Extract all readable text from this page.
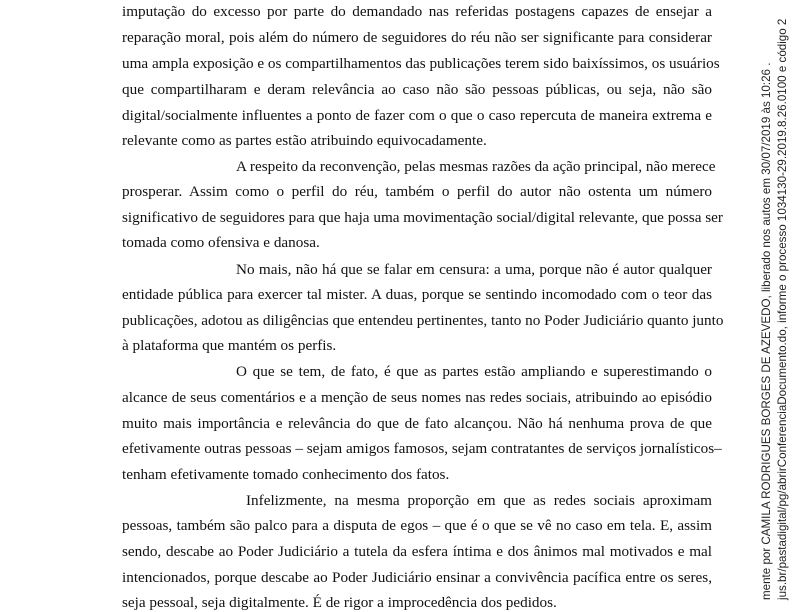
imputação do excesso por parte do demandado nas referidas postagens capazes de ensejar a
reparação moral, pois além do número de seguidores do réu não ser significante para considerar
uma ampla exposição e os compartilhamentos das publicações terem sido baixíssimos, os usuários
que compartilharam e deram relevância ao caso não são pessoas públicas, ou seja, não são
digital/socialmente influentes a ponto de fazer com o que o caso repercuta de maneira extrema e
relevante como as partes estão atribuindo equivocadamente.
A respeito da reconvenção, pelas mesmas razões da ação principal, não merece
prosperar. Assim como o perfil do réu, também o perfil do autor não ostenta um número
significativo de seguidores para que haja uma movimentação social/digital relevante, que possa ser
tomada como ofensiva e danosa.
No mais, não há que se falar em censura: a uma, porque não é autor qualquer
entidade pública para exercer tal mister. A duas, porque se sentindo incomodado com o teor das
publicações, adotou as diligências que entendeu pertinentes, tanto no Poder Judiciário quanto junto
à plataforma que mantém os perfis.
O que se tem, de fato, é que as partes estão ampliando e superestimando o
alcance de seus comentários e a menção de seus nomes nas redes sociais, atribuindo ao episódio
muito mais importância e relevância do que de fato alcançou. Não há nenhuma prova de que
efetivamente outras pessoas – sejam amigos famosos, sejam contratantes de serviços jornalísticos–
tenham efetivamente tomado conhecimento dos fatos.
Infelizmente, na mesma proporção em que as redes sociais aproximam
pessoas, também são palco para a disputa de egos – que é o que se vê no caso em tela. E, assim
sendo, descabe ao Poder Judiciário a tutela da esfera íntima e dos ânimos mal motivados e mal
intencionados, porque descabe ao Poder Judiciário ensinar a convivência pacífica entre os seres,
seja pessoal, seja digitalmente. É de rigor a improcedência dos pedidos.
mente por CAMILA RODRIGUES BORGES DE AZEVEDO, liberado nos autos em 30/07/2019 às 10:26 . jus.br/pastadigital/pg/abrirConferenciaDocumento.do, informe o processo 1034130-29.2019.8.26.0100 e código 2
